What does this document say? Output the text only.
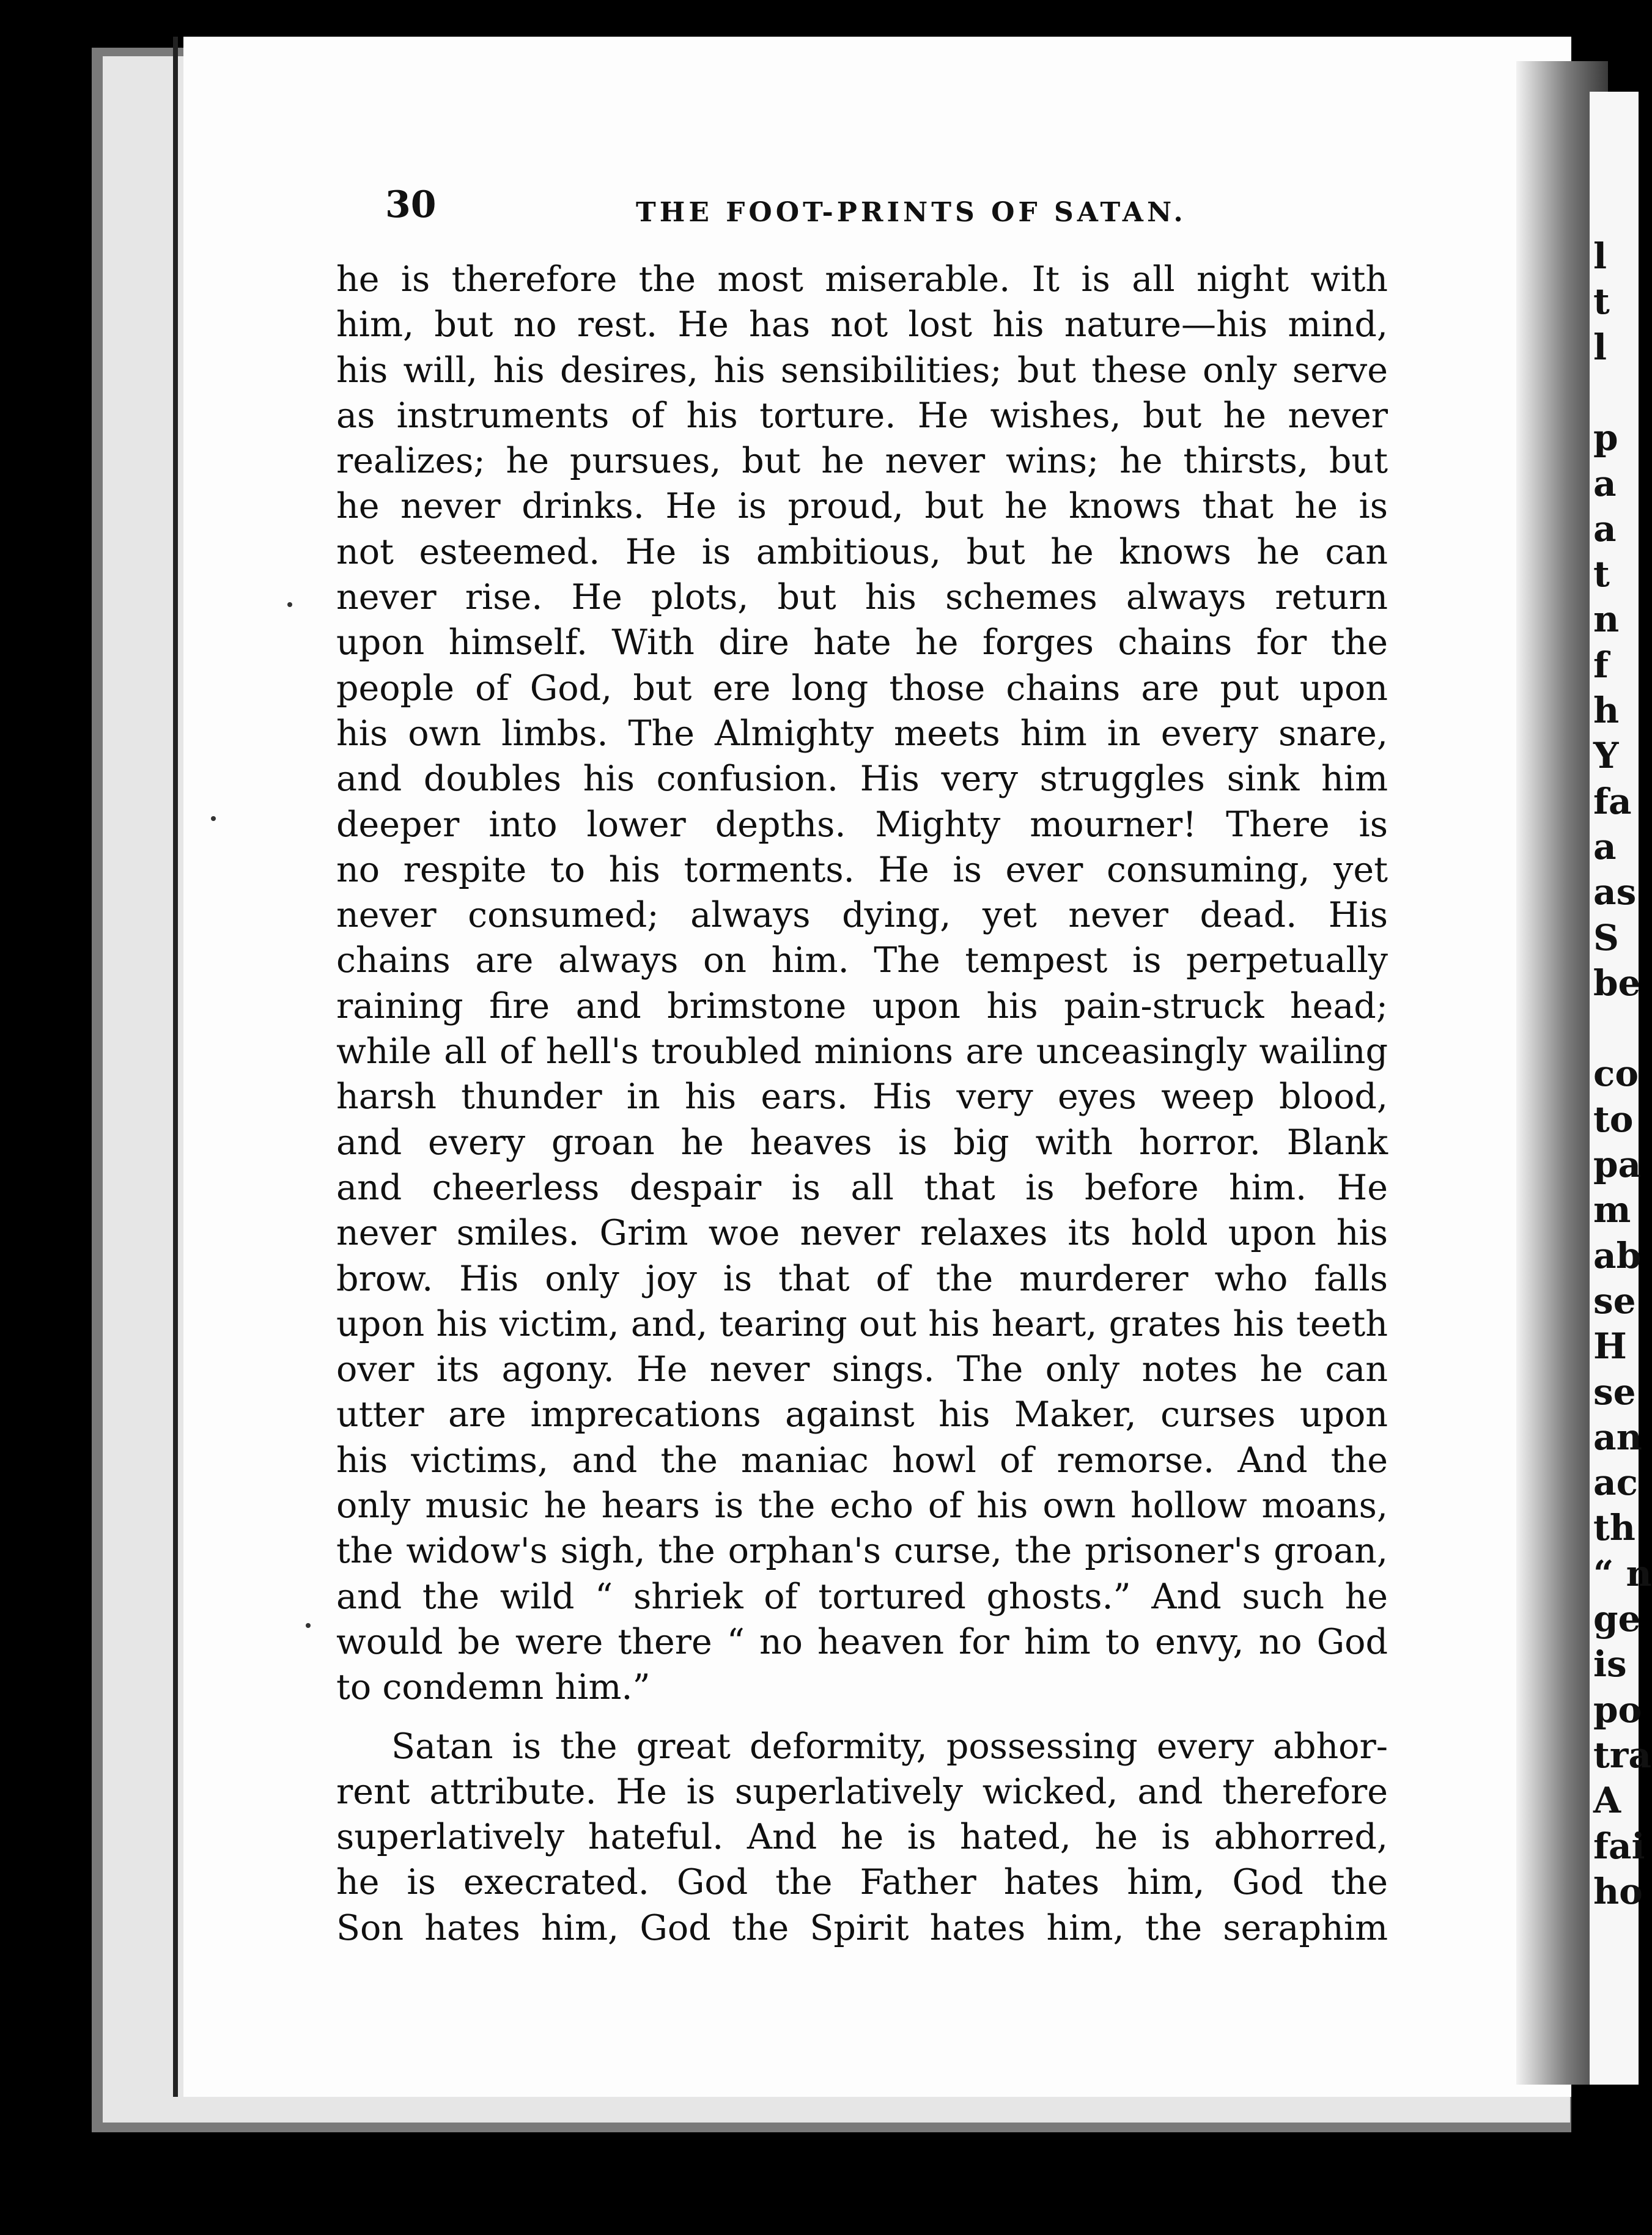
l
t
l
p
a
a
t
n
f
h
Y
fa
a
as
S
be
co
to
pa
m
ab
se
H
se
an
ac
th
“ n
ge
is
po
tra
A
fai
ho
30	THE FOOT-PRINTS OF SATAN.
he is therefore the most miserable. It is all night with
him, but no rest. He has not lost his nature—his mind,
his will, his desires, his sensibilities; but these only serve
as instruments of his torture. He wishes, but he never
realizes; he pursues, but he never wins; he thirsts, but
he never drinks. He is proud, but he knows that he is
not esteemed. He is ambitious, but he knows he can
never rise. He plots, but his schemes always return
upon himself. With dire hate he forges chains for the
people of God, but ere long those chains are put upon
his own limbs. The Almighty meets him in every snare,
and doubles his confusion. His very struggles sink him
deeper into lower depths. Mighty mourner! There is
no respite to his torments. He is ever consuming, yet
never consumed; always dying, yet never dead. His
chains are always on him. The tempest is perpetually
raining fire and brimstone upon his pain-struck head;
while all of hell's troubled minions are unceasingly wailing
harsh thunder in his ears. His very eyes weep blood,
and every groan he heaves is big with horror. Blank
and cheerless despair is all that is before him. He
never smiles. Grim woe never relaxes its hold upon his
brow. His only joy is that of the murderer who falls
upon his victim, and, tearing out his heart, grates his teeth
over its agony. He never sings. The only notes he can
utter are imprecations against his Maker, curses upon
his victims, and the maniac howl of remorse. And the
only music he hears is the echo of his own hollow moans,
the widow's sigh, the orphan's curse, the prisoner's groan,
and the wild “ shriek of tortured ghosts.” And such he
would be were there “ no heaven for him to envy, no God
to condemn him.”
Satan is the great deformity, possessing every abhor-
rent attribute. He is superlatively wicked, and therefore
superlatively hateful. And he is hated, he is abhorred,
he is execrated. God the Father hates him, God the
Son hates him, God the Spirit hates him, the seraphim
